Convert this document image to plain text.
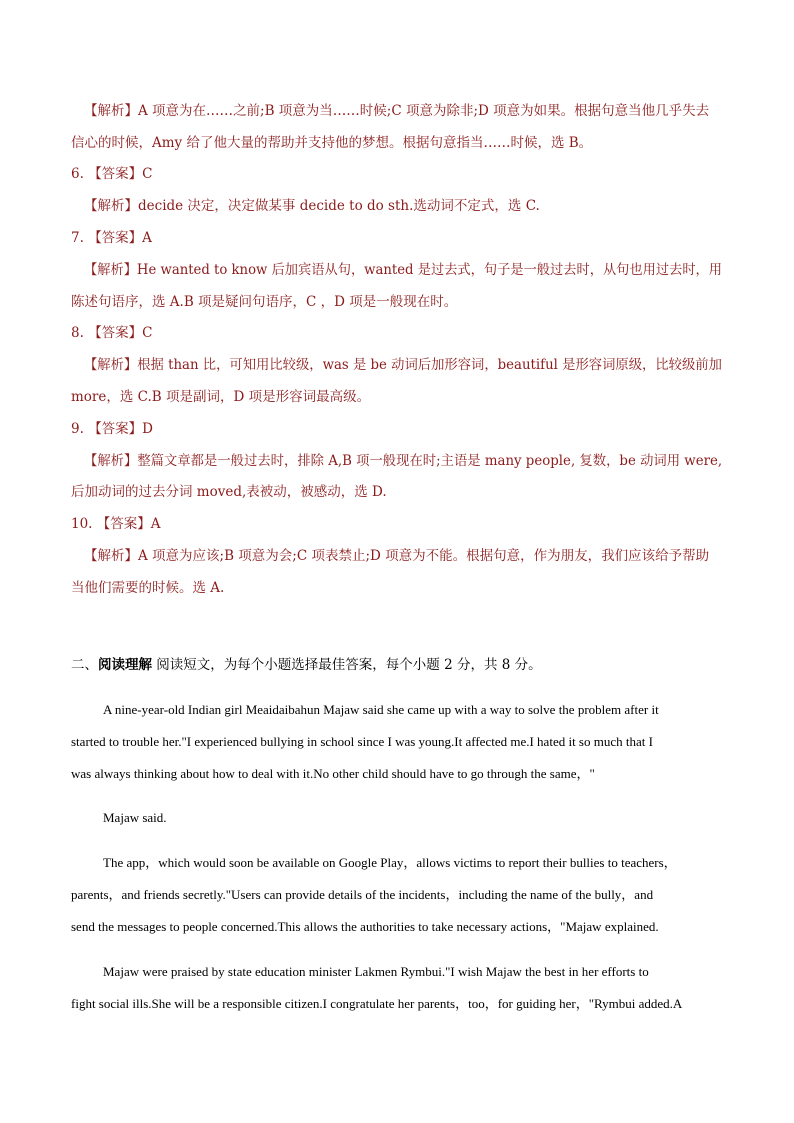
【解析】A 项意为在……之前;B 项意为当……时候;C 项意为除非;D 项意为如果。根据句意当他几乎失去
信心的时候，Amy 给了他大量的帮助并支持他的梦想。根据句意指当……时候，选 B。
6. 【答案】C
【解析】decide 决定，决定做某事 decide to do sth.选动词不定式，选 C.
7. 【答案】A
【解析】He wanted to know 后加宾语从句，wanted 是过去式，句子是一般过去时，从句也用过去时，用
陈述句语序，选 A.B 项是疑问句语序，C ，D 项是一般现在时。
8. 【答案】C
【解析】根据 than 比，可知用比较级，was 是 be 动词后加形容词，beautiful 是形容词原级，比较级前加
more，选 C.B 项是副词，D 项是形容词最高级。
9. 【答案】D
【解析】整篇文章都是一般过去时，排除 A,B 项一般现在时;主语是 many people, 复数，be 动词用 were,
后加动词的过去分词 moved,表被动，被感动，选 D.
10. 【答案】A
【解析】A 项意为应该;B 项意为会;C 项表禁止;D 项意为不能。根据句意，作为朋友，我们应该给予帮助
当他们需要的时候。选 A.
二、阅读理解 阅读短文，为每个小题选择最佳答案，每个小题 2 分，共 8 分。
A nine-year-old Indian girl Meaidaibahun Majaw said she came up with a way to solve the problem after it
started to trouble her."I experienced bullying in school since I was young.It affected me.I hated it so much that I
was always thinking about how to deal with it.No other child should have to go through the same，"
Majaw said.
The app，which would soon be available on Google Play，allows victims to report their bullies to teachers，
parents，and friends secretly."Users can provide details of the incidents，including the name of the bully，and
send the messages to people concerned.This allows the authorities to take necessary actions，"Majaw explained.
Majaw were praised by state education minister Lakmen Rymbui."I wish Majaw the best in her efforts to
fight social ills.She will be a responsible citizen.I congratulate her parents，too，for guiding her，"Rymbui added.A
